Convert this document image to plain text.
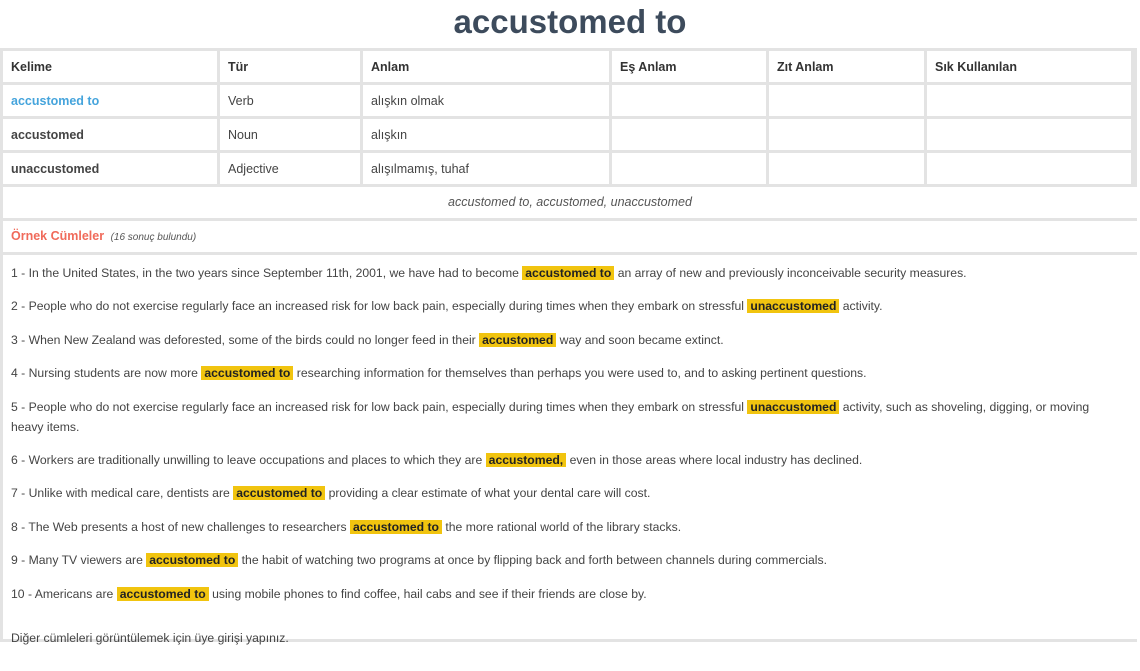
accustomed to
Kelime	Tür	Anlam	Eş Anlam	Zıt Anlam	Sık Kullanılan
accustomed to	Verb	alışkın olmak			
accustomed	Noun	alışkın			
unaccustomed	Adjective	alışılmamış, tuhaf			
accustomed to, accustomed, unaccustomed
Örnek Cümleler (16 sonuç bulundu)

1 - In the United States, in the two years since September 11th, 2001, we have had to become accustomed to an array of new and previously inconceivable security measures.

2 - People who do not exercise regularly face an increased risk for low back pain, especially during times when they embark on stressful unaccustomed activity.

3 - When New Zealand was deforested, some of the birds could no longer feed in their accustomed way and soon became extinct.

4 - Nursing students are now more accustomed to researching information for themselves than perhaps you were used to, and to asking pertinent questions.

5 - People who do not exercise regularly face an increased risk for low back pain, especially during times when they embark on stressful unaccustomed activity, such as shoveling, digging, or moving heavy items.

6 - Workers are traditionally unwilling to leave occupations and places to which they are accustomed, even in those areas where local industry has declined.

7 - Unlike with medical care, dentists are accustomed to providing a clear estimate of what your dental care will cost.

8 - The Web presents a host of new challenges to researchers accustomed to the more rational world of the library stacks.

9 - Many TV viewers are accustomed to the habit of watching two programs at once by flipping back and forth between channels during commercials.

10 - Americans are accustomed to using mobile phones to find coffee, hail cabs and see if their friends are close by.

Diğer cümleleri görüntülemek için üye girişi yapınız.
